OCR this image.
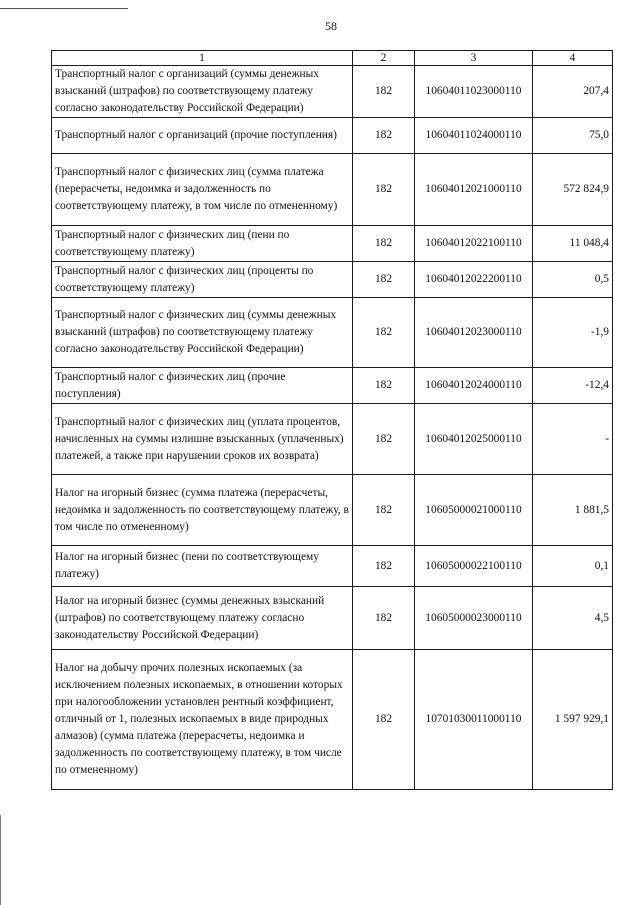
58
1	2	3	4
Транспортный налог с организаций (суммы денежных взысканий (штрафов) по соответствующему платежу согласно законодательству Российской Федерации)	182	10604011023000110	207,4
Транспортный налог с организаций (прочие поступления)	182	10604011024000110	75,0
Транспортный налог с физических лиц (сумма платежа (перерасчеты, недоимка и задолженность по соответствующему платежу, в том числе по отмененному)	182	10604012021000110	572 824,9
Транспортный налог с физических лиц (пени по соответствующему платежу)	182	10604012022100110	11 048,4
Транспортный налог с физических лиц (проценты по соответствующему платежу)	182	10604012022200110	0,5
Транспортный налог с физических лиц (суммы денежных взысканий (штрафов) по соответствующему платежу согласно законодательству Российской Федерации)	182	10604012023000110	-1,9
Транспортный налог с физических лиц (прочие поступления)	182	10604012024000110	-12,4
Транспортный налог с физических лиц (уплата процентов, начисленных на суммы излишне взысканных (уплаченных) платежей, а также при нарушении сроков их возврата)	182	10604012025000110	-
Налог на игорный бизнес (сумма платежа (перерасчеты, недоимка и задолженность по соответствующему платежу, в том числе по отмененному)	182	10605000021000110	1 881,5
Налог на игорный бизнес (пени по соответствующему платежу)	182	10605000022100110	0,1
Налог на игорный бизнес (суммы денежных взысканий (штрафов) по соответствующему платежу согласно законодательству Российской Федерации)	182	10605000023000110	4,5
Налог на добычу прочих полезных ископаемых (за исключением полезных ископаемых, в отношении которых при налогообложении установлен рентный коэффициент, отличный от 1, полезных ископаемых в виде природных алмазов) (сумма платежа (перерасчеты, недоимка и задолженность по соответствующему платежу, в том числе по отмененному)	182	10701030011000110	1 597 929,1
